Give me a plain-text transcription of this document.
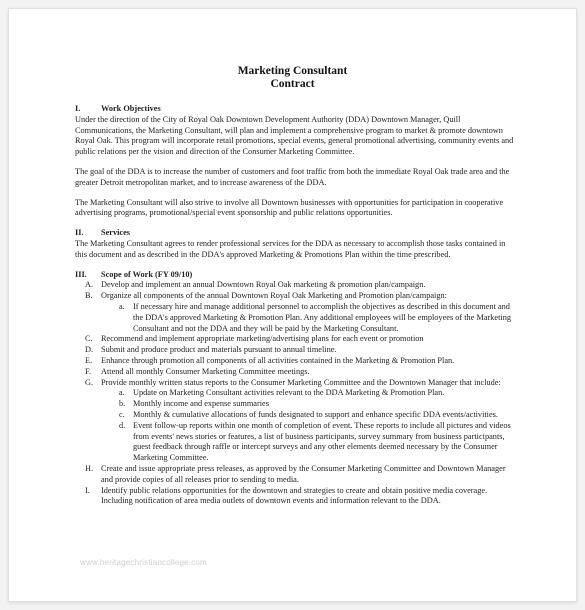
Marketing Consultant
Contract
I.	Work Objectives

Under the direction of the City of Royal Oak Downtown Development Authority (DDA) Downtown Manager, Quill Communications, the Marketing Consultant, will plan and implement a comprehensive program to market & promote downtown Royal Oak. This program will incorporate retail promotions, special events, general promotional advertising, community events and public relations per the vision and direction of the Consumer Marketing Committee.

The goal of the DDA is to increase the number of customers and foot traffic from both the immediate Royal Oak trade area and the greater Detroit metropolitan market, and to increase awareness of the DDA.

The Marketing Consultant will also strive to involve all Downtown businesses with opportunities for participation in cooperative advertising programs, promotional/special event sponsorship and public relations opportunities.

II.	Services

The Marketing Consultant agrees to render professional services for the DDA as necessary to accomplish those tasks contained in this document and as described in the DDA's approved Marketing & Promotions Plan within the time prescribed.

III.	Scope of Work (FY 09/10)
A. Develop and implement an annual Downtown Royal Oak marketing & promotion plan/campaign.
B.	Organize all components of the annual Downtown Royal Oak Marketing and Promotion plan/campaign:
a. If necessary hire and manage additional personnel to accomplish the objectives as described in this document and the DDA's approved Marketing & Promotion Plan. Any additional employees will be employees of the Marketing Consultant and not the DDA and they will be paid by the Marketing Consultant.
C.	Recommend and implement appropriate marketing/advertising plans for each event or promotion
D. Submit and produce product and materials pursuant to annual timeline.
E.	Enhance through promotion all components of all activities contained in the Marketing & Promotion Plan.
F.	Attend all monthly Consumer Marketing Committee meetings.
G. Provide monthly written status reports to the Consumer Marketing Committee and the Downtown Manager that include:
a. Update on Marketing Consultant activities relevant to the DDA Marketing & Promotion Plan.
b. Monthly income and expense summaries
c. Monthly & cumulative allocations of funds designated to support and enhance specific DDA events/activities.
d. Event follow-up reports within one month of completion of event. These reports to include all pictures and videos from events' news stories or features, a list of business participants, survey summary from business participants, guest feedback through raffle or intercept surveys and any other elements deemed necessary by the Consumer Marketing Committee.
H. Create and issue appropriate press releases, as approved by the Consumer Marketing Committee and Downtown Manager and provide copies of all releases prior to sending to media.
I.	Identify public relations opportunities for the downtown and strategies to create and obtain positive media coverage. Including notification of area media outlets of downtown events and information relevant to the DDA.
www.heritagechristiancollege.com
